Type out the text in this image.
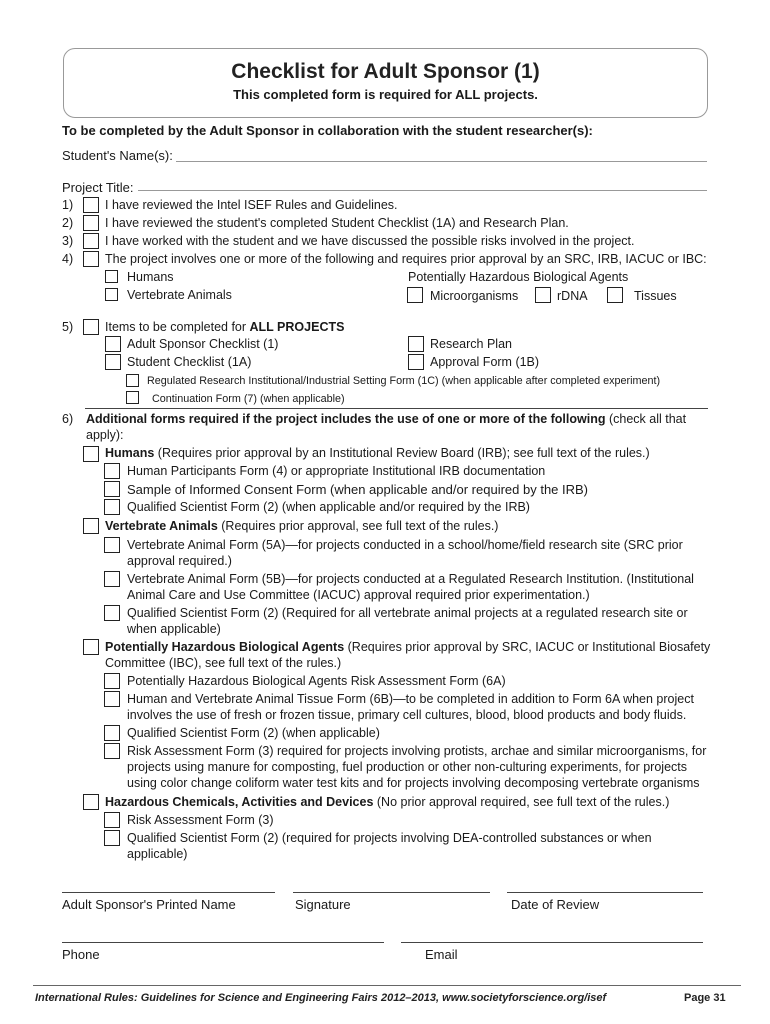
Checklist for Adult Sponsor (1)
This completed form is required for ALL projects.
To be completed by the Adult Sponsor in collaboration with the student researcher(s):
Student's Name(s):
Project Title:
1)	I have reviewed the Intel ISEF Rules and Guidelines.
2)	I have reviewed the student's completed Student Checklist (1A) and Research Plan.
3)	I have worked with the student and we have discussed the possible risks involved in the project.
4)	The project involves one or more of the following and requires prior approval by an SRC, IRB, IACUC or IBC:
Humans	Potentially Hazardous Biological Agents
Vertebrate Animals	Microorganisms	rDNA	Tissues
5)	Items to be completed for ALL PROJECTS
Adult Sponsor Checklist (1)	Research Plan
Student Checklist (1A)	Approval Form (1B)
Regulated Research Institutional/Industrial Setting Form (1C) (when applicable after completed experiment)
Continuation Form (7) (when applicable)
6) Additional forms required if the project includes the use of one or more of the following (check all that
apply):
Humans (Requires prior approval by an Institutional Review Board (IRB); see full text of the rules.)
Human Participants Form (4) or appropriate Institutional IRB documentation
Sample of Informed Consent Form (when applicable and/or required by the IRB)
Qualified Scientist Form (2) (when applicable and/or required by the IRB)
Vertebrate Animals (Requires prior approval, see full text of the rules.)
Vertebrate Animal Form (5A)—for projects conducted in a school/home/field research site (SRC prior
approval required.)
Vertebrate Animal Form (5B)—for projects conducted at a Regulated Research Institution. (Institutional
Animal Care and Use Committee (IACUC) approval required prior experimentation.)
Qualified Scientist Form (2) (Required for all vertebrate animal projects at a regulated research site or
when applicable)
Potentially Hazardous Biological Agents (Requires prior approval by SRC, IACUC or Institutional Biosafety
Committee (IBC), see full text of the rules.)
Potentially Hazardous Biological Agents Risk Assessment Form (6A)
Human and Vertebrate Animal Tissue Form (6B)—to be completed in addition to Form 6A when project
involves the use of fresh or frozen tissue, primary cell cultures, blood, blood products and body fluids.
Qualified Scientist Form (2) (when applicable)
Risk Assessment Form (3) required for projects involving protists, archae and similar microorganisms, for
projects using manure for composting, fuel production or other non-culturing experiments, for projects
using color change coliform water test kits and for projects involving decomposing vertebrate organisms
Hazardous Chemicals, Activities and Devices (No prior approval required, see full text of the rules.)
Risk Assessment Form (3)
Qualified Scientist Form (2) (required for projects involving DEA-controlled substances or when
applicable)
Adult Sponsor's Printed Name	Signature	Date of Review
Phone	Email
International Rules: Guidelines for Science and Engineering Fairs 2012–2013, www.societyforscience.org/isef	Page 31
